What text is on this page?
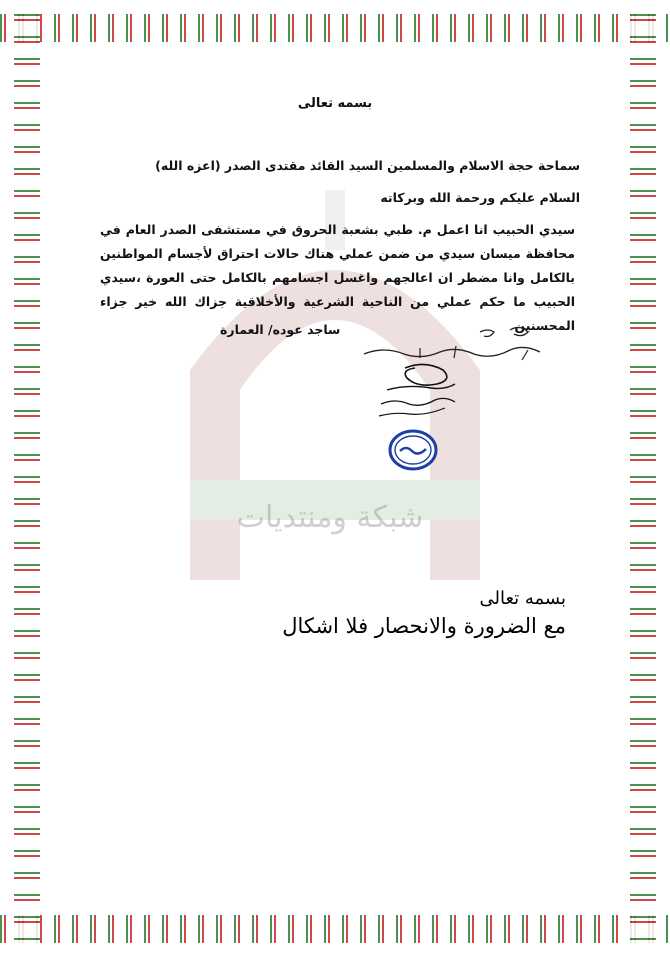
شبكة ومنتديات
بسمه تعالى
سماحة حجة الاسلام والمسلمين السيد القائد مقتدى الصدر (اعزه الله)
السلام عليكم ورحمة الله وبركاته
سيدي الحبيب انا اعمل م. طبي بشعبة الحروق في مستشفى الصدر العام في محافظة ميسان سيدي من ضمن عملي هناك حالات احتراق لأجسام المواطنين بالكامل وانا مضطر ان اعالجهم واغسل اجسامهم بالكامل حتى العورة ،سيدي الحبيب ما حكم عملي من الناحية الشرعية والأخلاقية جزاك الله خير جزاء المحسنين
ساجد عوده/ العمارة
بسمه تعالى
مع الضرورة والانحصار فلا اشكال
